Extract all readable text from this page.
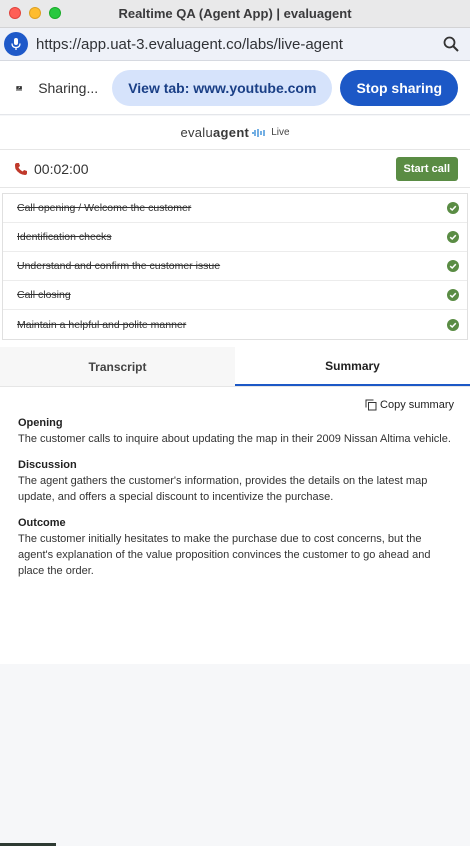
Realtime QA (Agent App) | evaluagent
https://app.uat-3.evaluagent.co/labs/live-agent
Sharing...	View tab: www.youtube.com	Stop sharing
evaluagent Live
00:02:00	Start call
Call opening / Welcome the customer
Identification checks
Understand and confirm the customer issue
Call closing
Maintain a helpful and polite manner
Transcript	Summary
Copy summary
Opening
The customer calls to inquire about updating the map in their 2009 Nissan Altima vehicle.
Discussion
The agent gathers the customer's information, provides the details on the latest map update, and offers a special discount to incentivize the purchase.
Outcome
The customer initially hesitates to make the purchase due to cost concerns, but the agent's explanation of the value proposition convinces the customer to go ahead and place the order.
